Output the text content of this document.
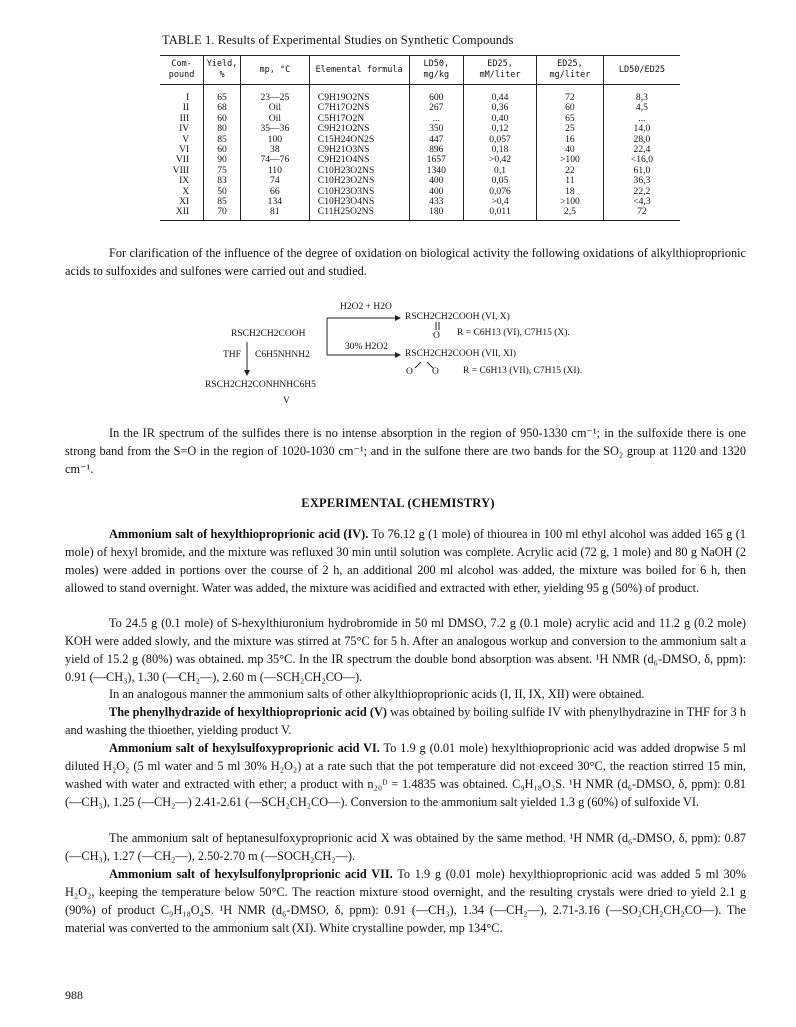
TABLE 1. Results of Experimental Studies on Synthetic Compounds
Com- pound	Yield, %	mp, °C	Elemental formula	LD50, mg/kg	ED25, mM/liter	ED25, mg/liter	LD50/ED25
I	65	23—25	C9H19O2NS	600	0,44	72	8,3
II	68	Oil	C7H17O2NS	267	0,36	60	4,5
III	60	Oil	C5H17O2N	...	0,40	65	...
IV	80	35—36	C9H21O2NS	350	0,12	25	14,0
V	85	100	C15H24ON2S	447	0,057	16	28,0
VI	60	38	C9H21O3NS	896	0,18	40	22,4
VII	90	74—76	C9H21O4NS	1657	>0,42	>100	<16,0
VIII	75	110	C10H23O2NS	1340	0,1	22	61,0
IX	83	74	C10H23O2NS	400	0,05	11	36,3
X	50	66	C10H23O3NS	400	0,076	18	22,2
XI	85	134	C10H23O4NS	433	>0,4	>100	<4,3
XII	70	81	C11H25O2NS	180	0,011	2,5	72
For clarification of the influence of the degree of oxidation on biological activity the following oxidations of alkylthioproprionic acids to sulfoxides and sulfones were carried out and studied.
H2O2 + H2O
RSCH2CH2COOH (VI, X)
O R = C6H13 (VI), C7H15 (X).
RSCH2CH2COOH
30% H2O2
THF C6H5NHNH2	RSCH2CH2COOH (VII, XI)
O O	R = C6H13 (VII), C7H15 (XI).
RSCH2CH2CONHNHC6H5
V
In the IR spectrum of the sulfides there is no intense absorption in the region of 950-1330 cm⁻¹; in the sulfoxide there is one strong band from the S=O in the region of 1020-1030 cm⁻¹; and in the sulfone there are two bands for the SO₂ group at 1120 and 1320 cm⁻¹.
EXPERIMENTAL (CHEMISTRY)
Ammonium salt of hexylthioproprionic acid (IV). To 76.12 g (1 mole) of thiourea in 100 ml ethyl alcohol was added 165 g (1 mole) of hexyl bromide, and the mixture was refluxed 30 min until solution was complete. Acrylic acid (72 g, 1 mole) and 80 g NaOH (2 moles) were added in portions over the course of 2 h, an additional 200 ml alcohol was added, the mixture was boiled for 6 h, then allowed to stand overnight. Water was added, the mixture was acidified and extracted with ether, yielding 95 g (50%) of product.
To 24.5 g (0.1 mole) of S-hexylthiuronium hydrobromide in 50 ml DMSO, 7.2 g (0.1 mole) acrylic acid and 11.2 g (0.2 mole) KOH were added slowly, and the mixture was stirred at 75°C for 5 h. After an analogous workup and conversion to the ammonium salt a yield of 15.2 g (80%) was obtained. mp 35°C. In the IR spectrum the double bond absorption was absent. ¹H NMR (d₆-DMSO, δ, ppm): 0.91 (—CH₃), 1.30 (—CH₂—), 2.60 m (—SCH₂CH₂CO—).
In an analogous manner the ammonium salts of other alkylthioproprionic acids (I, II, IX, XII) were obtained.
The phenylhydrazide of hexylthioproprionic acid (V) was obtained by boiling sulfide IV with phenylhydrazine in THF for 3 h and washing the thioether, yielding product V.
Ammonium salt of hexylsulfoxyproprionic acid VI. To 1.9 g (0.01 mole) hexylthioproprionic acid was added dropwise 5 ml diluted H₂O₂ (5 ml water and 5 ml 30% H₂O₂) at a rate such that the pot temperature did not exceed 30°C, the reaction stirred 15 min, washed with water and extracted with ether; a product with n₂₀ᴰ = 1.4835 was obtained. C₉H₁₈O₃S. ¹H NMR (d₆-DMSO, δ, ppm): 0.81 (—CH₃), 1.25 (—CH₂—) 2.41-2.61 (—SCH₂CH₂CO—). Conversion to the ammonium salt yielded 1.3 g (60%) of sulfoxide VI.
The ammonium salt of heptanesulfoxyproprionic acid X was obtained by the same method. ¹H NMR (d₆-DMSO, δ, ppm): 0.87 (—CH₃), 1.27 (—CH₂—), 2.50-2.70 m (—SOCH₂CH₂—).
Ammonium salt of hexylsulfonylproprionic acid VII. To 1.9 g (0.01 mole) hexylthioproprionic acid was added 5 ml 30% H₂O₂, keeping the temperature below 50°C. The reaction mixture stood overnight, and the resulting crystals were dried to yield 2.1 g (90%) of product C₉H₁₈O₄S. ¹H NMR (d₆-DMSO, δ, ppm): 0.91 (—CH₃), 1.34 (—CH₂—), 2.71-3.16 (—SO₂CH₂CH₂CO—). The material was converted to the ammonium salt (XI). White crystalline powder, mp 134°C.
988
